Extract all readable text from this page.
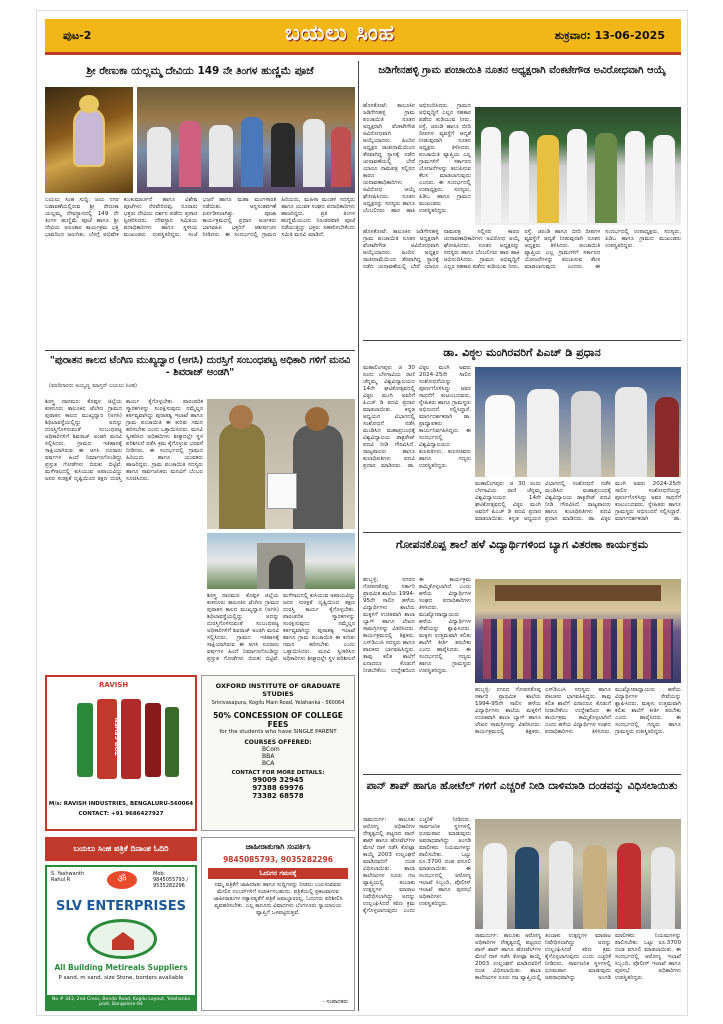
ಪುಟ-2	ಬಯಲು ಸಿಂಹ	ಶುಕ್ರವಾರ: 13-06-2025
ಶ್ರೀ ರೇಣುಕಾ ಯಲ್ಲಮ್ಮ ದೇವಿಯ 149 ನೇ ತಿಂಗಳ ಹುಣ್ಣಿಮೆ ಪೂಜೆ
ಬಯಲು ಸಿಂಹ ಸುದ್ದಿ: ಜಯ ನಗರ ಬಡಾವಣೆಯಲ್ಲಿರುವ ಶ್ರೀ ರೇಣುಕಾ ಯಲ್ಲಮ್ಮ ದೇವಸ್ಥಾನದಲ್ಲಿ 149 ನೇ ತಿಂಗಳ ಹುಣ್ಣಿಮೆ ಪೂಜೆ ಹಾಗೂ ಶ್ರೀ ದೇವಿಯ ಅಲಂಕಾರ ಕಾರ್ಯಕ್ರಮ ಭಕ್ತಿ ಭಾವದಿಂದ ಜರುಗಿತು. ಬೆಳಗ್ಗೆ ಅಭಿಷೇಕ ಕುಂಕುಮಾರ್ಚನೆ ಹಾಗೂ ವಿಶೇಷ ಪೂಜೆಗಳು ನೆರವೇರಿದವು. ನೂರಾರು ಭಕ್ತರು ದೇವಿಯ ದರ್ಶನ ಪಡೆದು ಪ್ರಸಾದ ಸ್ವೀಕರಿಸಿದರು. ದೇವಸ್ಥಾನ ಸಮಿತಿಯ ಪದಾಧಿಕಾರಿಗಳು ಹಾಗೂ ಸ್ಥಳೀಯ ಮುಖಂಡರು ಉಪಸ್ಥಿತರಿದ್ದರು. ಸಂಜೆ ಭಜನೆ ಹಾಗೂ ಮಹಾ ಮಂಗಳಾರತಿ ನಡೆಯಿತು. ಅನ್ನಸಂತರ್ಪಣೆ ಏರ್ಪಡಿಸಲಾಗಿತ್ತು. ಪೂಜಾ ಕಾರ್ಯಕ್ರಮದಲ್ಲಿ ಪ್ರಧಾನ ಅರ್ಚಕರು ಭಾಗವಹಿಸಿ ಭಕ್ತರಿಗೆ ಆಶೀರ್ವಚನ ನೀಡಿದರು. ಈ ಸಂದರ್ಭದಲ್ಲಿ ಗ್ರಾಮದ ಹಿರಿಯರು, ಮಹಿಳಾ ಮಂಡಳಿ ಸದಸ್ಯರು ಹಾಗೂ ಯುವಕ ಸಂಘದ ಪದಾಧಿಕಾರಿಗಳು ಹಾಜರಿದ್ದರು. ಪ್ರತಿ ತಿಂಗಳ ಹುಣ್ಣಿಮೆಯಂದು ನಿರಂತರವಾಗಿ ಪೂಜೆ ನಡೆಯುತ್ತಿದ್ದು ಭಕ್ತರು ಸಹಕರಿಸಬೇಕೆಂದು ಸಮಿತಿ ಮನವಿ ಮಾಡಿದೆ.
ಜಡಿಗೇನಹಳ್ಳಿ ಗ್ರಾಮ ಪಂಚಾಯಿತಿ ನೂತನ ಅಧ್ಯಕ್ಷರಾಗಿ ವೆಂಕಟೇಗೌಡ ಅವಿರೋಧವಾಗಿ ಆಯ್ಕೆ
ಹೊಸಕೋಟೆ: ತಾಲೂಕಿನ ಜಡಿಗೇನಹಳ್ಳಿ ಗ್ರಾಮ ಪಂಚಾಯಿತಿ ನೂತನ ಅಧ್ಯಕ್ಷರಾಗಿ ವೆಂಕಟೇಗೌಡ ಅವಿರೋಧವಾಗಿ ಆಯ್ಕೆಯಾದರು. ಹಿಂದಿನ ಅಧ್ಯಕ್ಷರ ರಾಜೀನಾಮೆಯಿಂದ ತೆರವಾಗಿದ್ದ ಸ್ಥಾನಕ್ಕೆ ನಡೆದ ಚುನಾವಣೆಯಲ್ಲಿ ಬೇರೆ ಯಾರೂ ನಾಮಪತ್ರ ಸಲ್ಲಿಸದ ಕಾರಣ ಚುನಾವಣಾಧಿಕಾರಿಗಳು ಅವಿರೋಧ ಆಯ್ಕೆ ಘೋಷಿಸಿದರು. ನೂತನ ಅಧ್ಯಕ್ಷರನ್ನು ಸದಸ್ಯರು ಹಾಗೂ ಬೆಂಬಲಿಗರು ಹಾರ ಹಾಕಿ ಅಭಿನಂದಿಸಿದರು. ಗ್ರಾಮದ ಅಭಿವೃದ್ಧಿಗೆ ಎಲ್ಲರ ಸಹಕಾರ ಪಡೆದು ಕುಡಿಯುವ ನೀರು, ರಸ್ತೆ, ಚರಂಡಿ ಹಾಗೂ ಬೀದಿ ದೀಪಗಳ ವ್ಯವಸ್ಥೆಗೆ ಆದ್ಯತೆ ನೀಡುವುದಾಗಿ ನೂತನ ಅಧ್ಯಕ್ಷರು ತಿಳಿಸಿದರು. ಪಂಚಾಯಿತಿ ವ್ಯಾಪ್ತಿಯ ಎಲ್ಲ ಗ್ರಾಮಗಳಿಗೆ ಸರ್ಕಾರದ ಯೋಜನೆಗಳನ್ನು ತಲುಪಿಸುವ ಕೆಲಸ ಮಾಡಲಾಗುವುದು ಎಂದರು. ಈ ಸಂದರ್ಭದಲ್ಲಿ ಉಪಾಧ್ಯಕ್ಷರು, ಸದಸ್ಯರು, ಪಿಡಿಒ ಹಾಗೂ ಗ್ರಾಮದ ಮುಖಂಡರು ಉಪಸ್ಥಿತರಿದ್ದರು.
ಹೊಸಕೋಟೆ: ತಾಲೂಕಿನ ಜಡಿಗೇನಹಳ್ಳಿ ಗ್ರಾಮ ಪಂಚಾಯಿತಿ ನೂತನ ಅಧ್ಯಕ್ಷರಾಗಿ ವೆಂಕಟೇಗೌಡ ಅವಿರೋಧವಾಗಿ ಆಯ್ಕೆಯಾದರು. ಹಿಂದಿನ ಅಧ್ಯಕ್ಷರ ರಾಜೀನಾಮೆಯಿಂದ ತೆರವಾಗಿದ್ದ ಸ್ಥಾನಕ್ಕೆ ನಡೆದ ಚುನಾವಣೆಯಲ್ಲಿ ಬೇರೆ ಯಾರೂ ನಾಮಪತ್ರ ಸಲ್ಲಿಸದ ಕಾರಣ ಚುನಾವಣಾಧಿಕಾರಿಗಳು ಅವಿರೋಧ ಆಯ್ಕೆ ಘೋಷಿಸಿದರು. ನೂತನ ಅಧ್ಯಕ್ಷರನ್ನು ಸದಸ್ಯರು ಹಾಗೂ ಬೆಂಬಲಿಗರು ಹಾರ ಹಾಕಿ ಅಭಿನಂದಿಸಿದರು. ಗ್ರಾಮದ ಅಭಿವೃದ್ಧಿಗೆ ಎಲ್ಲರ ಸಹಕಾರ ಪಡೆದು ಕುಡಿಯುವ ನೀರು, ರಸ್ತೆ, ಚರಂಡಿ ಹಾಗೂ ಬೀದಿ ದೀಪಗಳ ವ್ಯವಸ್ಥೆಗೆ ಆದ್ಯತೆ ನೀಡುವುದಾಗಿ ನೂತನ ಅಧ್ಯಕ್ಷರು ತಿಳಿಸಿದರು. ಪಂಚಾಯಿತಿ ವ್ಯಾಪ್ತಿಯ ಎಲ್ಲ ಗ್ರಾಮಗಳಿಗೆ ಸರ್ಕಾರದ ಯೋಜನೆಗಳನ್ನು ತಲುಪಿಸುವ ಕೆಲಸ ಮಾಡಲಾಗುವುದು ಎಂದರು. ಈ ಸಂದರ್ಭದಲ್ಲಿ ಉಪಾಧ್ಯಕ್ಷರು, ಸದಸ್ಯರು, ಪಿಡಿಒ ಹಾಗೂ ಗ್ರಾಮದ ಮುಖಂಡರು ಉಪಸ್ಥಿತರಿದ್ದರು.
"ಪುರಾತನ ಕಾಲದ ಟೆಂಗಿಣ ಮುಖ್ಯದ್ವಾರ (ಅಗಸಿ) ದುರಸ್ತಿಗೆ ಸಂಬಂಧಪಟ್ಟ ಅಧಿಕಾರಿ ಗಳಿಗೆ ಮನವಿ - ಶಿವರಾಜ್ ಅಂಡಗಿ"
(ವರದಿಗಾರರು ಅಯ್ಯಣ್ಣ ಮಾಸ್ತರ್ ಬಯಲು ಸಿಂಹ)
ಶಿರಸ್ತ್ರ ದಾನಮರ: ಕೊಪ್ಪಳ ಜಿಲ್ಲೆಯ ಕುಕನೂರು ತಾಲೂಕಿನ ಟೆಂಗಿಣ ಗ್ರಾಮದ ಪುರಾತನ ಕಾಲದ ಮುಖ್ಯದ್ವಾರ (ಅಗಸಿ) ಶಿಥಿಲಾವಸ್ಥೆಯಲ್ಲಿದ್ದು ಅದನ್ನು ದುರಸ್ತಿಗೊಳಿಸುವಂತೆ ಸಂಬಂಧಪಟ್ಟ ಅಧಿಕಾರಿಗಳಿಗೆ ಶಿವರಾಜ್ ಅಂಡಗಿ ಮನವಿ ಸಲ್ಲಿಸಿದರು. ಗ್ರಾಮದ ಇತಿಹಾಸಕ್ಕೆ ಸಾಕ್ಷಿಯಾಗಿರುವ ಈ ಅಗಸಿ ನೂರಾರು ವರ್ಷಗಳ ಹಿಂದೆ ನಿರ್ಮಾಣಗೊಂಡಿದ್ದು ಪ್ರಸ್ತುತ ಗೋಡೆಗಳು ಬಿರುಕು ಬಿಟ್ಟಿವೆ. ಮಳೆಗಾಲದಲ್ಲಿ ಕುಸಿಯುವ ಅಪಾಯವಿದ್ದು ಜನರ ಸುರಕ್ಷತೆ ದೃಷ್ಟಿಯಿಂದ ತಕ್ಷಣ ದುರಸ್ತಿ ಕಾರ್ಯ ಕೈಗೊಳ್ಳಬೇಕು. ಪಾರಂಪರಿಕ ಸ್ಮಾರಕಗಳನ್ನು ಸಂರಕ್ಷಿಸುವುದು ನಮ್ಮೆಲ್ಲರ ಕರ್ತವ್ಯವಾಗಿದ್ದು ಪುರಾತತ್ವ ಇಲಾಖೆ ಹಾಗೂ ಗ್ರಾಮ ಪಂಚಾಯಿತಿ ಈ ಕುರಿತು ಗಮನ ಹರಿಸಬೇಕು ಎಂದು ಒತ್ತಾಯಿಸಿದರು. ಮನವಿ ಸ್ವೀಕರಿಸಿದ ಅಧಿಕಾರಿಗಳು ಶೀಘ್ರದಲ್ಲೇ ಸ್ಥಳ ಪರಿಶೀಲನೆ ನಡೆಸಿ ಕ್ರಮ ಕೈಗೊಳ್ಳುವ ಭರವಸೆ ನೀಡಿದರು. ಈ ಸಂದರ್ಭದಲ್ಲಿ ಗ್ರಾಮದ ಹಿರಿಯರು ಹಾಗೂ ಯುವಕರು ಹಾಜರಿದ್ದರು. ಗ್ರಾಮ ಪಂಚಾಯಿತಿ ಸದಸ್ಯರು ಹಾಗೂ ಸಾರ್ವಜನಿಕರು ಮನವಿಗೆ ಬೆಂಬಲ ಸೂಚಿಸಿದರು.
ಶಿರಸ್ತ್ರ ದಾನಮರ: ಕೊಪ್ಪಳ ಜಿಲ್ಲೆಯ ಕುಕನೂರು ತಾಲೂಕಿನ ಟೆಂಗಿಣ ಗ್ರಾಮದ ಪುರಾತನ ಕಾಲದ ಮುಖ್ಯದ್ವಾರ (ಅಗಸಿ) ಶಿಥಿಲಾವಸ್ಥೆಯಲ್ಲಿದ್ದು ಅದನ್ನು ದುರಸ್ತಿಗೊಳಿಸುವಂತೆ ಸಂಬಂಧಪಟ್ಟ ಅಧಿಕಾರಿಗಳಿಗೆ ಶಿವರಾಜ್ ಅಂಡಗಿ ಮನವಿ ಸಲ್ಲಿಸಿದರು. ಗ್ರಾಮದ ಇತಿಹಾಸಕ್ಕೆ ಸಾಕ್ಷಿಯಾಗಿರುವ ಈ ಅಗಸಿ ನೂರಾರು ವರ್ಷಗಳ ಹಿಂದೆ ನಿರ್ಮಾಣಗೊಂಡಿದ್ದು ಪ್ರಸ್ತುತ ಗೋಡೆಗಳು ಬಿರುಕು ಬಿಟ್ಟಿವೆ. ಮಳೆಗಾಲದಲ್ಲಿ ಕುಸಿಯುವ ಅಪಾಯವಿದ್ದು ಜನರ ಸುರಕ್ಷತೆ ದೃಷ್ಟಿಯಿಂದ ತಕ್ಷಣ ದುರಸ್ತಿ ಕಾರ್ಯ ಕೈಗೊಳ್ಳಬೇಕು. ಪಾರಂಪರಿಕ ಸ್ಮಾರಕಗಳನ್ನು ಸಂರಕ್ಷಿಸುವುದು ನಮ್ಮೆಲ್ಲರ ಕರ್ತವ್ಯವಾಗಿದ್ದು ಪುರಾತತ್ವ ಇಲಾಖೆ ಹಾಗೂ ಗ್ರಾಮ ಪಂಚಾಯಿತಿ ಈ ಕುರಿತು ಗಮನ ಹರಿಸಬೇಕು ಎಂದು ಒತ್ತಾಯಿಸಿದರು. ಮನವಿ ಸ್ವೀಕರಿಸಿದ ಅಧಿಕಾರಿಗಳು ಶೀಘ್ರದಲ್ಲೇ ಸ್ಥಳ ಪರಿಶೀಲನೆ
ಡಾ. ವಿಠ್ಠಲ ಮಂಗಿರವರಿಗೆ ಪಿಎಚ್ ಡಿ ಪ್ರಧಾನ
ಮಹಾಲಿಂಗಪುರ: ಜಿ 30 ರಂದು ಬೆಳಗಾವಿಯ ರಾಣಿ ಚೆನ್ನಮ್ಮ ವಿಶ್ವವಿದ್ಯಾಲಯದ 14ನೇ ಘಟಿಕೋತ್ಸವದಲ್ಲಿ ವಿಠ್ಠಲ ಮಂಗಿ ಅವರಿಗೆ ಪಿಎಚ್ ಡಿ ಪದವಿ ಪ್ರದಾನ ಮಾಡಲಾಯಿತು. ಕನ್ನಡ ಅಧ್ಯಯನ ವಿಭಾಗದಲ್ಲಿ ಸಂಶೋಧನೆ ನಡೆಸಿ ಮಂಡಿಸಿದ ಮಹಾಪ್ರಬಂಧಕ್ಕೆ ವಿಶ್ವವಿದ್ಯಾಲಯ ಡಾಕ್ಟರೇಟ್ ಪದವಿ ನೀಡಿ ಗೌರವಿಸಿದೆ. ರಾಜ್ಯಪಾಲರು ಹಾಗೂ ಕುಲಾಧಿಪತಿಗಳು ಪದವಿ ಪ್ರದಾನ ಮಾಡಿದರು. ಡಾ. ವಿಠ್ಠಲ ಮಂಗಿ ಅವರು 2024-25ನೇ ಸಾಲಿನ ಸಂಶೋಧನೆಯನ್ನು ಪೂರ್ಣಗೊಳಿಸಿದ್ದು ಅವರ ಸಾಧನೆಗೆ ಕುಟುಂಬದವರು, ಸ್ನೇಹಿತರು ಹಾಗೂ ಗ್ರಾಮಸ್ಥರು ಅಭಿನಂದನೆ ಸಲ್ಲಿಸಿದ್ದಾರೆ. ಮಾರ್ಗದರ್ಶಕರಾಗಿ ಡಾ. ಪ್ರಾಧ್ಯಾಪಕರು ಕಾರ್ಯನಿರ್ವಹಿಸಿದ್ದರು. ಈ ಸಂದರ್ಭದಲ್ಲಿ ವಿಶ್ವವಿದ್ಯಾಲಯದ ಕುಲಪತಿಗಳು, ಕುಲಸಚಿವರು ಹಾಗೂ ಗಣ್ಯರು ಉಪಸ್ಥಿತರಿದ್ದರು.
ಮಹಾಲಿಂಗಪುರ: ಜಿ 30 ರಂದು ಬೆಳಗಾವಿಯ ರಾಣಿ ಚೆನ್ನಮ್ಮ ವಿಶ್ವವಿದ್ಯಾಲಯದ 14ನೇ ಘಟಿಕೋತ್ಸವದಲ್ಲಿ ವಿಠ್ಠಲ ಮಂಗಿ ಅವರಿಗೆ ಪಿಎಚ್ ಡಿ ಪದವಿ ಪ್ರದಾನ ಮಾಡಲಾಯಿತು. ಕನ್ನಡ ಅಧ್ಯಯನ ವಿಭಾಗದಲ್ಲಿ ಸಂಶೋಧನೆ ನಡೆಸಿ ಮಂಡಿಸಿದ ಮಹಾಪ್ರಬಂಧಕ್ಕೆ ವಿಶ್ವವಿದ್ಯಾಲಯ ಡಾಕ್ಟರೇಟ್ ಪದವಿ ನೀಡಿ ಗೌರವಿಸಿದೆ. ರಾಜ್ಯಪಾಲರು ಹಾಗೂ ಕುಲಾಧಿಪತಿಗಳು ಪದವಿ ಪ್ರದಾನ ಮಾಡಿದರು. ಡಾ. ವಿಠ್ಠಲ ಮಂಗಿ ಅವರು 2024-25ನೇ ಸಾಲಿನ ಸಂಶೋಧನೆಯನ್ನು ಪೂರ್ಣಗೊಳಿಸಿದ್ದು ಅವರ ಸಾಧನೆಗೆ ಕುಟುಂಬದವರು, ಸ್ನೇಹಿತರು ಹಾಗೂ ಗ್ರಾಮಸ್ಥರು ಅಭಿನಂದನೆ ಸಲ್ಲಿಸಿದ್ದಾರೆ. ಮಾರ್ಗದರ್ಶಕರಾಗಿ ಡಾ.
ಗೋಪನಕೊಪ್ಪ ಶಾಲೆ ಹಳೆ ವಿದ್ಯಾರ್ಥಿಗಳಿಂದ ಬ್ಯಾಗ ವಿತರಣಾ ಕಾರ್ಯಕ್ರಮ
ಹುಬ್ಬಳ್ಳಿ: ನಗರದ ಗೋಪನಕೊಪ್ಪ ಸರ್ಕಾರಿ ಪ್ರಾಥಮಿಕ ಶಾಲೆಯ 1994-95ನೇ ಸಾಲಿನ ಹಳೆಯ ವಿದ್ಯಾರ್ಥಿಗಳು ಶಾಲೆಯ ಮಕ್ಕಳಿಗೆ ಉಚಿತವಾಗಿ ಶಾಲಾ ಬ್ಯಾಗ್ ಹಾಗೂ ಲೇಖನ ಸಾಮಗ್ರಿಗಳನ್ನು ವಿತರಿಸಿದರು. ಕಾರ್ಯಕ್ರಮದಲ್ಲಿ ಶಿಕ್ಷಕರು, ಎಸ್‌ಡಿಎಂಸಿ ಸದಸ್ಯರು ಹಾಗೂ ಪಾಲಕರು ಭಾಗವಹಿಸಿದ್ದರು. ತಾವು ಕಲಿತ ಶಾಲೆಗೆ ಏನಾದರೂ ಕೊಡುಗೆ ನೀಡಬೇಕೆಂಬ ಉದ್ದೇಶದಿಂದ ಈ ಕಾರ್ಯಕ್ರಮ ಹಮ್ಮಿಕೊಳ್ಳಲಾಗಿದೆ ಎಂದು ಹಳೆಯ ವಿದ್ಯಾರ್ಥಿಗಳ ಸಂಘದ ಪದಾಧಿಕಾರಿಗಳು ತಿಳಿಸಿದರು. ಮುಖ್ಯೋಪಾಧ್ಯಾಯರು ಹಳೆಯ ವಿದ್ಯಾರ್ಥಿಗಳ ಸೇವೆಯನ್ನು ಶ್ಲಾಘಿಸಿದರು. ಮಕ್ಕಳು ಉತ್ತಮವಾಗಿ ಕಲಿತು ಶಾಲೆಗೆ ಕೀರ್ತಿ ತರಬೇಕು ಎಂದು ಹಾರೈಸಿದರು. ಈ ಸಂದರ್ಭದಲ್ಲಿ ಗಣ್ಯರು ಹಾಗೂ ಗ್ರಾಮಸ್ಥರು ಉಪಸ್ಥಿತರಿದ್ದರು.
ಹುಬ್ಬಳ್ಳಿ: ನಗರದ ಗೋಪನಕೊಪ್ಪ ಸರ್ಕಾರಿ ಪ್ರಾಥಮಿಕ ಶಾಲೆಯ 1994-95ನೇ ಸಾಲಿನ ಹಳೆಯ ವಿದ್ಯಾರ್ಥಿಗಳು ಶಾಲೆಯ ಮಕ್ಕಳಿಗೆ ಉಚಿತವಾಗಿ ಶಾಲಾ ಬ್ಯಾಗ್ ಹಾಗೂ ಲೇಖನ ಸಾಮಗ್ರಿಗಳನ್ನು ವಿತರಿಸಿದರು. ಕಾರ್ಯಕ್ರಮದಲ್ಲಿ ಶಿಕ್ಷಕರು, ಎಸ್‌ಡಿಎಂಸಿ ಸದಸ್ಯರು ಹಾಗೂ ಪಾಲಕರು ಭಾಗವಹಿಸಿದ್ದರು. ತಾವು ಕಲಿತ ಶಾಲೆಗೆ ಏನಾದರೂ ಕೊಡುಗೆ ನೀಡಬೇಕೆಂಬ ಉದ್ದೇಶದಿಂದ ಈ ಕಾರ್ಯಕ್ರಮ ಹಮ್ಮಿಕೊಳ್ಳಲಾಗಿದೆ ಎಂದು ಹಳೆಯ ವಿದ್ಯಾರ್ಥಿಗಳ ಸಂಘದ ಪದಾಧಿಕಾರಿಗಳು ತಿಳಿಸಿದರು. ಮುಖ್ಯೋಪಾಧ್ಯಾಯರು ಹಳೆಯ ವಿದ್ಯಾರ್ಥಿಗಳ ಸೇವೆಯನ್ನು ಶ್ಲಾಘಿಸಿದರು. ಮಕ್ಕಳು ಉತ್ತಮವಾಗಿ ಕಲಿತು ಶಾಲೆಗೆ ಕೀರ್ತಿ ತರಬೇಕು ಎಂದು ಹಾರೈಸಿದರು. ಈ ಸಂದರ್ಭದಲ್ಲಿ ಗಣ್ಯರು ಹಾಗೂ ಗ್ರಾಮಸ್ಥರು ಉಪಸ್ಥಿತರಿದ್ದರು.
ಪಾನ್ ಶಾಪ್ ಹಾಗೂ ಹೋಟೆಲ್ ಗಳಿಗೆ ಎಚ್ಚರಿಕೆ ನೀಡಿ ದಾಳಿಮಾಡಿ ದಂಡವನ್ನು ವಿಧಿಸಲಾಯಿತು
ರಾಮದುರ್ಗ: ತಾಲೂಕು ಆರೋಗ್ಯ ಅಧಿಕಾರಿಗಳ ನೇತೃತ್ವದಲ್ಲಿ ಪಟ್ಟಣದ ಪಾನ್ ಶಾಪ್ ಹಾಗೂ ಹೋಟೆಲ್‌ಗಳ ಮೇಲೆ ದಾಳಿ ನಡೆಸಿ ಕೋಟ್ಪಾ ಕಾಯ್ದೆ 2003 ಉಲ್ಲಂಘನೆ ಮಾಡಿದವರಿಗೆ ದಂಡ ವಿಧಿಸಲಾಯಿತು. ಶಾಲಾ ಕಾಲೇಜುಗಳ ನೂರು ಗಜ ವ್ಯಾಪ್ತಿಯಲ್ಲಿ ತಂಬಾಕು ಉತ್ಪನ್ನಗಳ ಮಾರಾಟ ನಿಷೇಧಿಸಲಾಗಿದ್ದು ಅದನ್ನು ಉಲ್ಲಂಘಿಸಿದರೆ ಕಠಿಣ ಕ್ರಮ ಕೈಗೊಳ್ಳಲಾಗುವುದು ಎಂದು ಎಚ್ಚರಿಕೆ ನೀಡಿದರು. ಸಾರ್ವಜನಿಕ ಸ್ಥಳಗಳಲ್ಲಿ ಧೂಮಪಾನ ಮಾಡುವುದು ಅಪರಾಧವಾಗಿದ್ದು ಅಂಗಡಿ ಮಾಲೀಕರು ನಿಯಮಗಳನ್ನು ಪಾಲಿಸಬೇಕು. ಒಟ್ಟು ರೂ.3700 ದಂಡ ವಸೂಲಿ ಮಾಡಲಾಯಿತು. ಈ ಸಂದರ್ಭದಲ್ಲಿ ಆರೋಗ್ಯ ಇಲಾಖೆ ಸಿಬ್ಬಂದಿ, ಪೊಲೀಸ್ ಇಲಾಖೆ ಹಾಗೂ ಪುರಸಭೆ ಅಧಿಕಾರಿಗಳು ಉಪಸ್ಥಿತರಿದ್ದರು.
ರಾಮದುರ್ಗ: ತಾಲೂಕು ಆರೋಗ್ಯ ಅಧಿಕಾರಿಗಳ ನೇತೃತ್ವದಲ್ಲಿ ಪಟ್ಟಣದ ಪಾನ್ ಶಾಪ್ ಹಾಗೂ ಹೋಟೆಲ್‌ಗಳ ಮೇಲೆ ದಾಳಿ ನಡೆಸಿ ಕೋಟ್ಪಾ ಕಾಯ್ದೆ 2003 ಉಲ್ಲಂಘನೆ ಮಾಡಿದವರಿಗೆ ದಂಡ ವಿಧಿಸಲಾಯಿತು. ಶಾಲಾ ಕಾಲೇಜುಗಳ ನೂರು ಗಜ ವ್ಯಾಪ್ತಿಯಲ್ಲಿ ತಂಬಾಕು ಉತ್ಪನ್ನಗಳ ಮಾರಾಟ ನಿಷೇಧಿಸಲಾಗಿದ್ದು ಅದನ್ನು ಉಲ್ಲಂಘಿಸಿದರೆ ಕಠಿಣ ಕ್ರಮ ಕೈಗೊಳ್ಳಲಾಗುವುದು ಎಂದು ಎಚ್ಚರಿಕೆ ನೀಡಿದರು. ಸಾರ್ವಜನಿಕ ಸ್ಥಳಗಳಲ್ಲಿ ಧೂಮಪಾನ ಮಾಡುವುದು ಅಪರಾಧವಾಗಿದ್ದು ಅಂಗಡಿ ಮಾಲೀಕರು ನಿಯಮಗಳನ್ನು ಪಾಲಿಸಬೇಕು. ಒಟ್ಟು ರೂ.3700 ದಂಡ ವಸೂಲಿ ಮಾಡಲಾಯಿತು. ಈ ಸಂದರ್ಭದಲ್ಲಿ ಆರೋಗ್ಯ ಇಲಾಖೆ ಸಿಬ್ಬಂದಿ, ಪೊಲೀಸ್ ಇಲಾಖೆ ಹಾಗೂ ಪುರಸಭೆ ಅಧಿಕಾರಿಗಳು ಉಪಸ್ಥಿತರಿದ್ದರು.
RAVISH
TOP SEVEN
M/s: RAVISH INDUSTRIES, BENGALURU-560064
CONTACT: +91 9686427927
OXFORD INSTITUTE OF GRADUATE STUDIES
Srinivasapura, Kogilu Main Road, Yelahanka - 560064
50% CONCESSION OF COLLEGE FEES
for the students who have SINGLE PARENT
COURSES OFFERED:
BCom
BBA
BCA
CONTACT FOR MORE DETAILS:
99009 32945
97388 69976
73382 68578
ಬಯಲು ಸಿಂಹ ಪತ್ರಿಕೆ ದಿನಾಂಶ ಓದಿರಿ	ಜಾಹೀರಾತುಗಾಗಿ ಸಂಪರ್ಕಿಸಿ
9845085793, 9035282296
ಓದುಗರ ಗಮನಕ್ಕೆ
ನಮ್ಮ ಪತ್ರಿಕೆಗೆ ಜಾಹೀರಾತು ಹಾಗೂ ಸುದ್ದಿಗಳನ್ನು ನೀಡಲು ಬಯಸುವವರು ಮೇಲಿನ ನಂಬರ್‌ಗಳಿಗೆ ಸಂಪರ್ಕಿಸಬಹುದು. ಪತ್ರಿಕೆಯಲ್ಲಿ ಪ್ರಕಟವಾಗುವ ಜಾಹೀರಾತುಗಳ ಸತ್ಯಾಸತ್ಯತೆಗೆ ಪತ್ರಿಕೆ ಜವಾಬ್ದಾರರಲ್ಲ. ಓದುಗರು ಪರಿಶೀಲಿಸಿ ವ್ಯವಹರಿಸಬೇಕು. ಎಲ್ಲ ಕಾನೂನು ವಿವಾದಗಳು ಬೆಂಗಳೂರು ನ್ಯಾಯಾಲಯ ವ್ಯಾಪ್ತಿಗೆ ಒಳಪಟ್ಟಿರುತ್ತವೆ.
- ಸಂಪಾದಕರು
S. Yashwanth Rahul R	ॐ	Mob: 9845055793 / 9535282296
SLV ENTERPRISES
All Building Metireals Suppliers
P sand, m sand, size Stone, borders available
No # 343, 2nd Cross, Benda Road, Kogilu Layout, Yelahanka post, Bangalore-64
